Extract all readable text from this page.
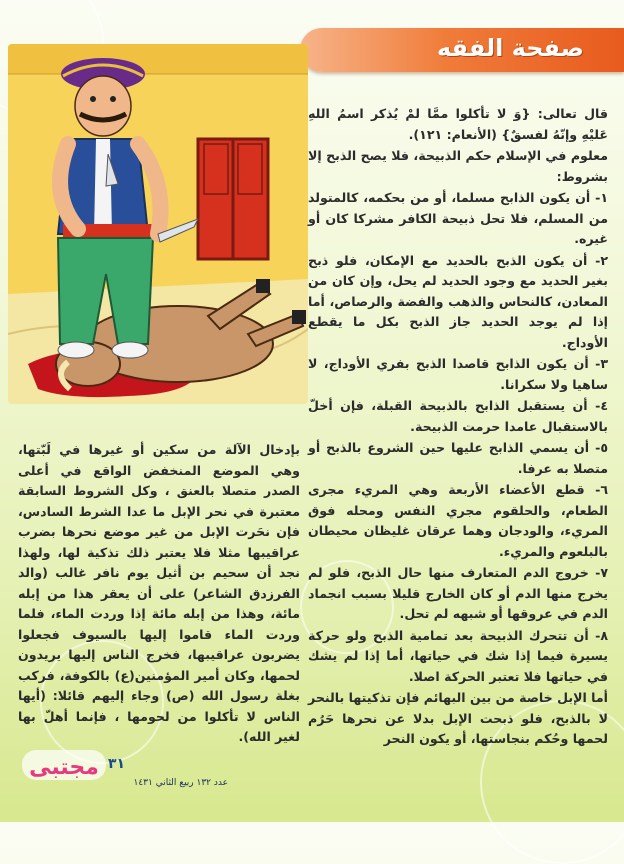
صفحة الفقه

قال تعالى: {وَ لا تأكلوا ممَّا لمْ يُذكر اسمُ اللهِ عَليْهِ وإنّهُ لفسقٌ} (الأنعام: ١٢١).

معلوم في الإسلام حكم الذبيحة، فلا يصح الذبح إلا بشروط:

١- أن يكون الذابح مسلما، أو من بحكمه، كالمتولد من المسلم، فلا تحل ذبيحة الكافر مشركا كان أو غيره.

٢- أن يكون الذبح بالحديد مع الإمكان، فلو ذبح بغير الحديد مع وجود الحديد لم يحل، وإن كان من المعادن، كالنحاس والذهب والفضة والرصاص، أما إذا لم يوجد الحديد جاز الذبح بكل ما يقطع الأوداج.

٣- أن يكون الذابح قاصدا الذبح بفري الأوداج، لا ساهيا ولا سكرانا.

٤- أن يستقبل الذابح بالذبيحة القبلة، فإن أخلّ بالاستقبال عامدا حرمت الذبيحة.

٥- أن يسمي الذابح عليها حين الشروع بالذبح أو متصلا به عرفا.

٦- قطع الأعضاء الأربعة وهي المريء مجرى الطعام، والحلقوم مجري النفس ومحله فوق المريء، والودجان وهما عرقان غليظان محيطان بالبلعوم والمريء.

٧- خروج الدم المتعارف منها حال الذبح، فلو لم يخرج منها الدم أو كان الخارج قليلا بسبب انجماد الدم في عروقها أو شبهه لم تحل.

٨- أن تتحرك الذبيحة بعد تمامية الذبح ولو حركة يسيرة فيما إذا شك في حياتها، أما إذا لم يشك في حياتها فلا تعتبر الحركة اصلا.

أما الإبل خاصة من بين البهائم فإن تذكيتها بالنحر لا بالذبح، فلو ذبحت الإبل بدلا عن نحرها حَرُم لحمها وحُكم بنجاستها، أو يكون النحر

بإدخال الآلة من سكين أو غيرها في لَبّتها، وهي الموضع المنخفض الواقع في أعلى الصدر متصلا بالعنق ، وكل الشروط السابقة معتبرة في نحر الإبل ما عدا الشرط السادس، فإن نحَرت الإبل من غير موضع نحرها بضرب عراقيبها مثلا فلا يعتبر ذلك تذكية لها، ولهذا نجد أن سحيم بن أثيل يوم نافر غالب (والد الفرزدق الشاعر) على أن يعقر هذا من إبله مائة، وهذا من إبله مائة إذا وردت الماء، فلما وردت الماء قاموا إليها بالسيوف فجعلوا يضربون عراقيبها، فخرج الناس إليها يريدون لحمها، وكان أمير المؤمنين(ع) بالكوفة، فركب بغلة رسول الله (ص) وجاء إليهم قائلا: (أيها الناس لا تأكلوا من لحومها ، فإنما أهلّ بها لغير الله).

مجتبى ٣١
عدد ١٣٢ ربيع الثاني ١٤٣١
